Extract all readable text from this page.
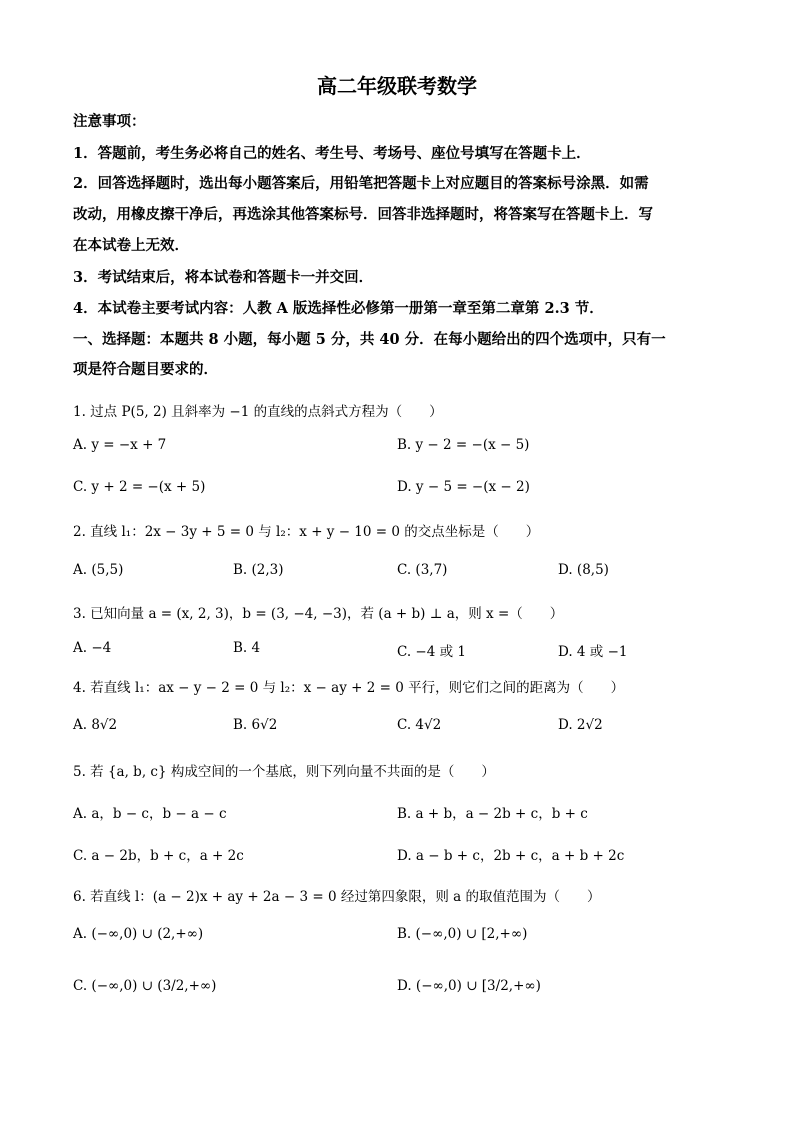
高二年级联考数学
注意事项：
1．答题前，考生务必将自己的姓名、考生号、考场号、座位号填写在答题卡上．
2．回答选择题时，选出每小题答案后，用铅笔把答题卡上对应题目的答案标号涂黑．如需
改动，用橡皮擦干净后，再选涂其他答案标号．回答非选择题时，将答案写在答题卡上．写
在本试卷上无效．
3．考试结束后，将本试卷和答题卡一并交回．
4．本试卷主要考试内容：人教 A 版选择性必修第一册第一章至第二章第 2.3 节．
一、选择题：本题共 8 小题，每小题 5 分，共 40 分．在每小题给出的四个选项中，只有一
项是符合题目要求的．
1. 过点 P(5, 2) 且斜率为 −1 的直线的点斜式方程为（　　）
A. y = −x + 7	B. y − 2 = −(x − 5)
C. y + 2 = −(x + 5)	D. y − 5 = −(x − 2)
2. 直线 l₁：2x − 3y + 5 = 0 与 l₂：x + y − 10 = 0 的交点坐标是（　　）
A. (5,5)	B. (2,3)	C. (3,7)	D. (8,5)
3. 已知向量 a = (x, 2, 3)，b = (3, −4, −3)，若 (a + b) ⊥ a，则 x =（　　）
A. −4	B. 4	C. −4 或 1	D. 4 或 −1
4. 若直线 l₁：ax − y − 2 = 0 与 l₂：x − ay + 2 = 0 平行，则它们之间的距离为（　　）
A. 8√2	B. 6√2	C. 4√2	D. 2√2
5. 若 {a, b, c} 构成空间的一个基底，则下列向量不共面的是（　　）
A. a，b − c，b − a − c	B. a + b，a − 2b + c，b + c
C. a − 2b，b + c，a + 2c	D. a − b + c，2b + c，a + b + 2c
6. 若直线 l：(a − 2)x + ay + 2a − 3 = 0 经过第四象限，则 a 的取值范围为（　　）
A. (−∞,0) ∪ (2,+∞)	B. (−∞,0) ∪ [2,+∞)
C. (−∞,0) ∪ (3/2,+∞)	D. (−∞,0) ∪ [3/2,+∞)
